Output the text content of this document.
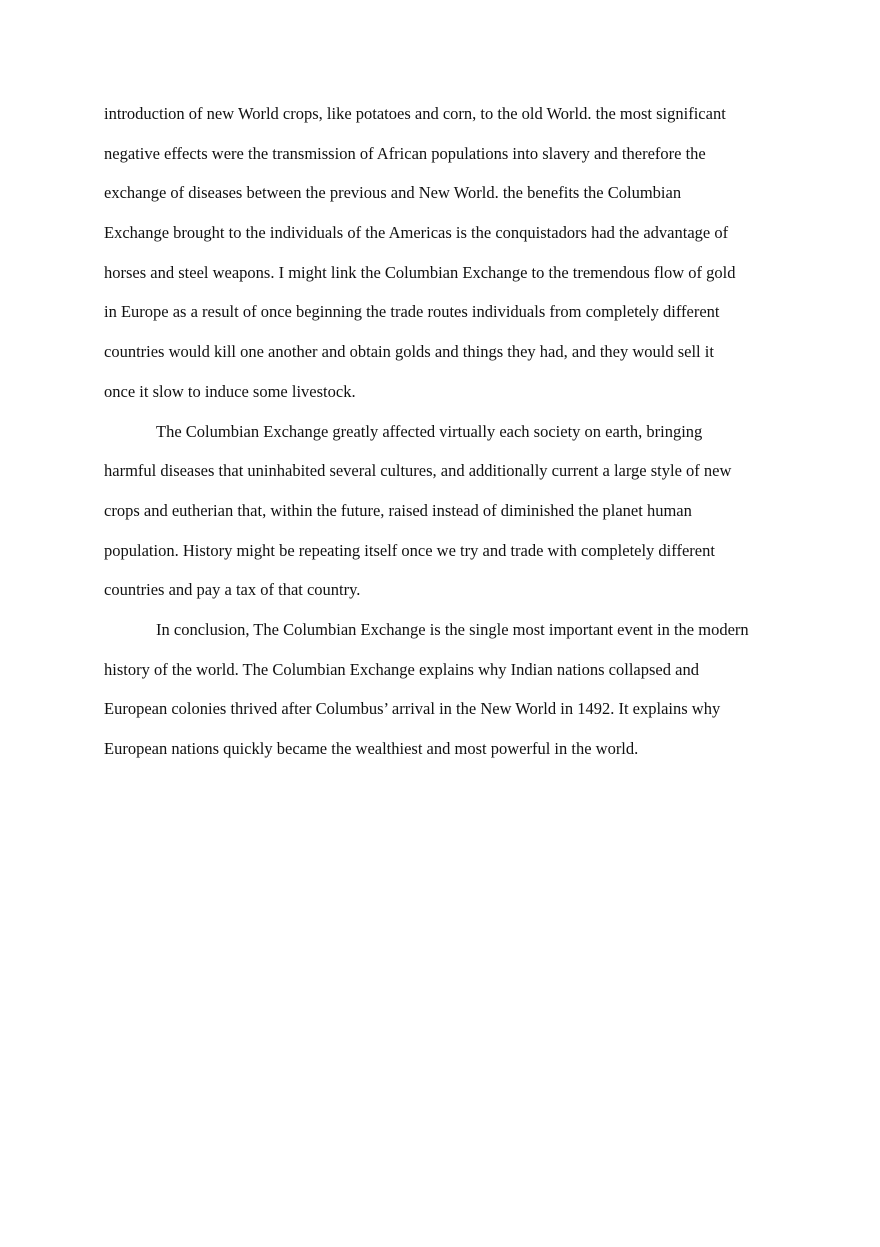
introduction of new World crops, like potatoes and corn, to the old World. the most significant
negative effects were the transmission of African populations into slavery and therefore the
exchange of diseases between the previous and New World. the benefits the Columbian
Exchange brought to the individuals of the Americas is the conquistadors had the advantage of
horses and steel weapons. I might link the Columbian Exchange to the tremendous flow of gold
in Europe as a result of once beginning the trade routes individuals from completely different
countries would kill one another and obtain golds and things they had, and they would sell it
once it slow to induce some livestock.
The Columbian Exchange greatly affected virtually each society on earth, bringing
harmful diseases that uninhabited several cultures, and additionally current a large style of new
crops and eutherian that, within the future, raised instead of diminished the planet human
population. History might be repeating itself once we try and trade with completely different
countries and pay a tax of that country.
In conclusion, The Columbian Exchange is the single most important event in the modern
history of the world. The Columbian Exchange explains why Indian nations collapsed and
European colonies thrived after Columbus’ arrival in the New World in 1492. It explains why
European nations quickly became the wealthiest and most powerful in the world.
